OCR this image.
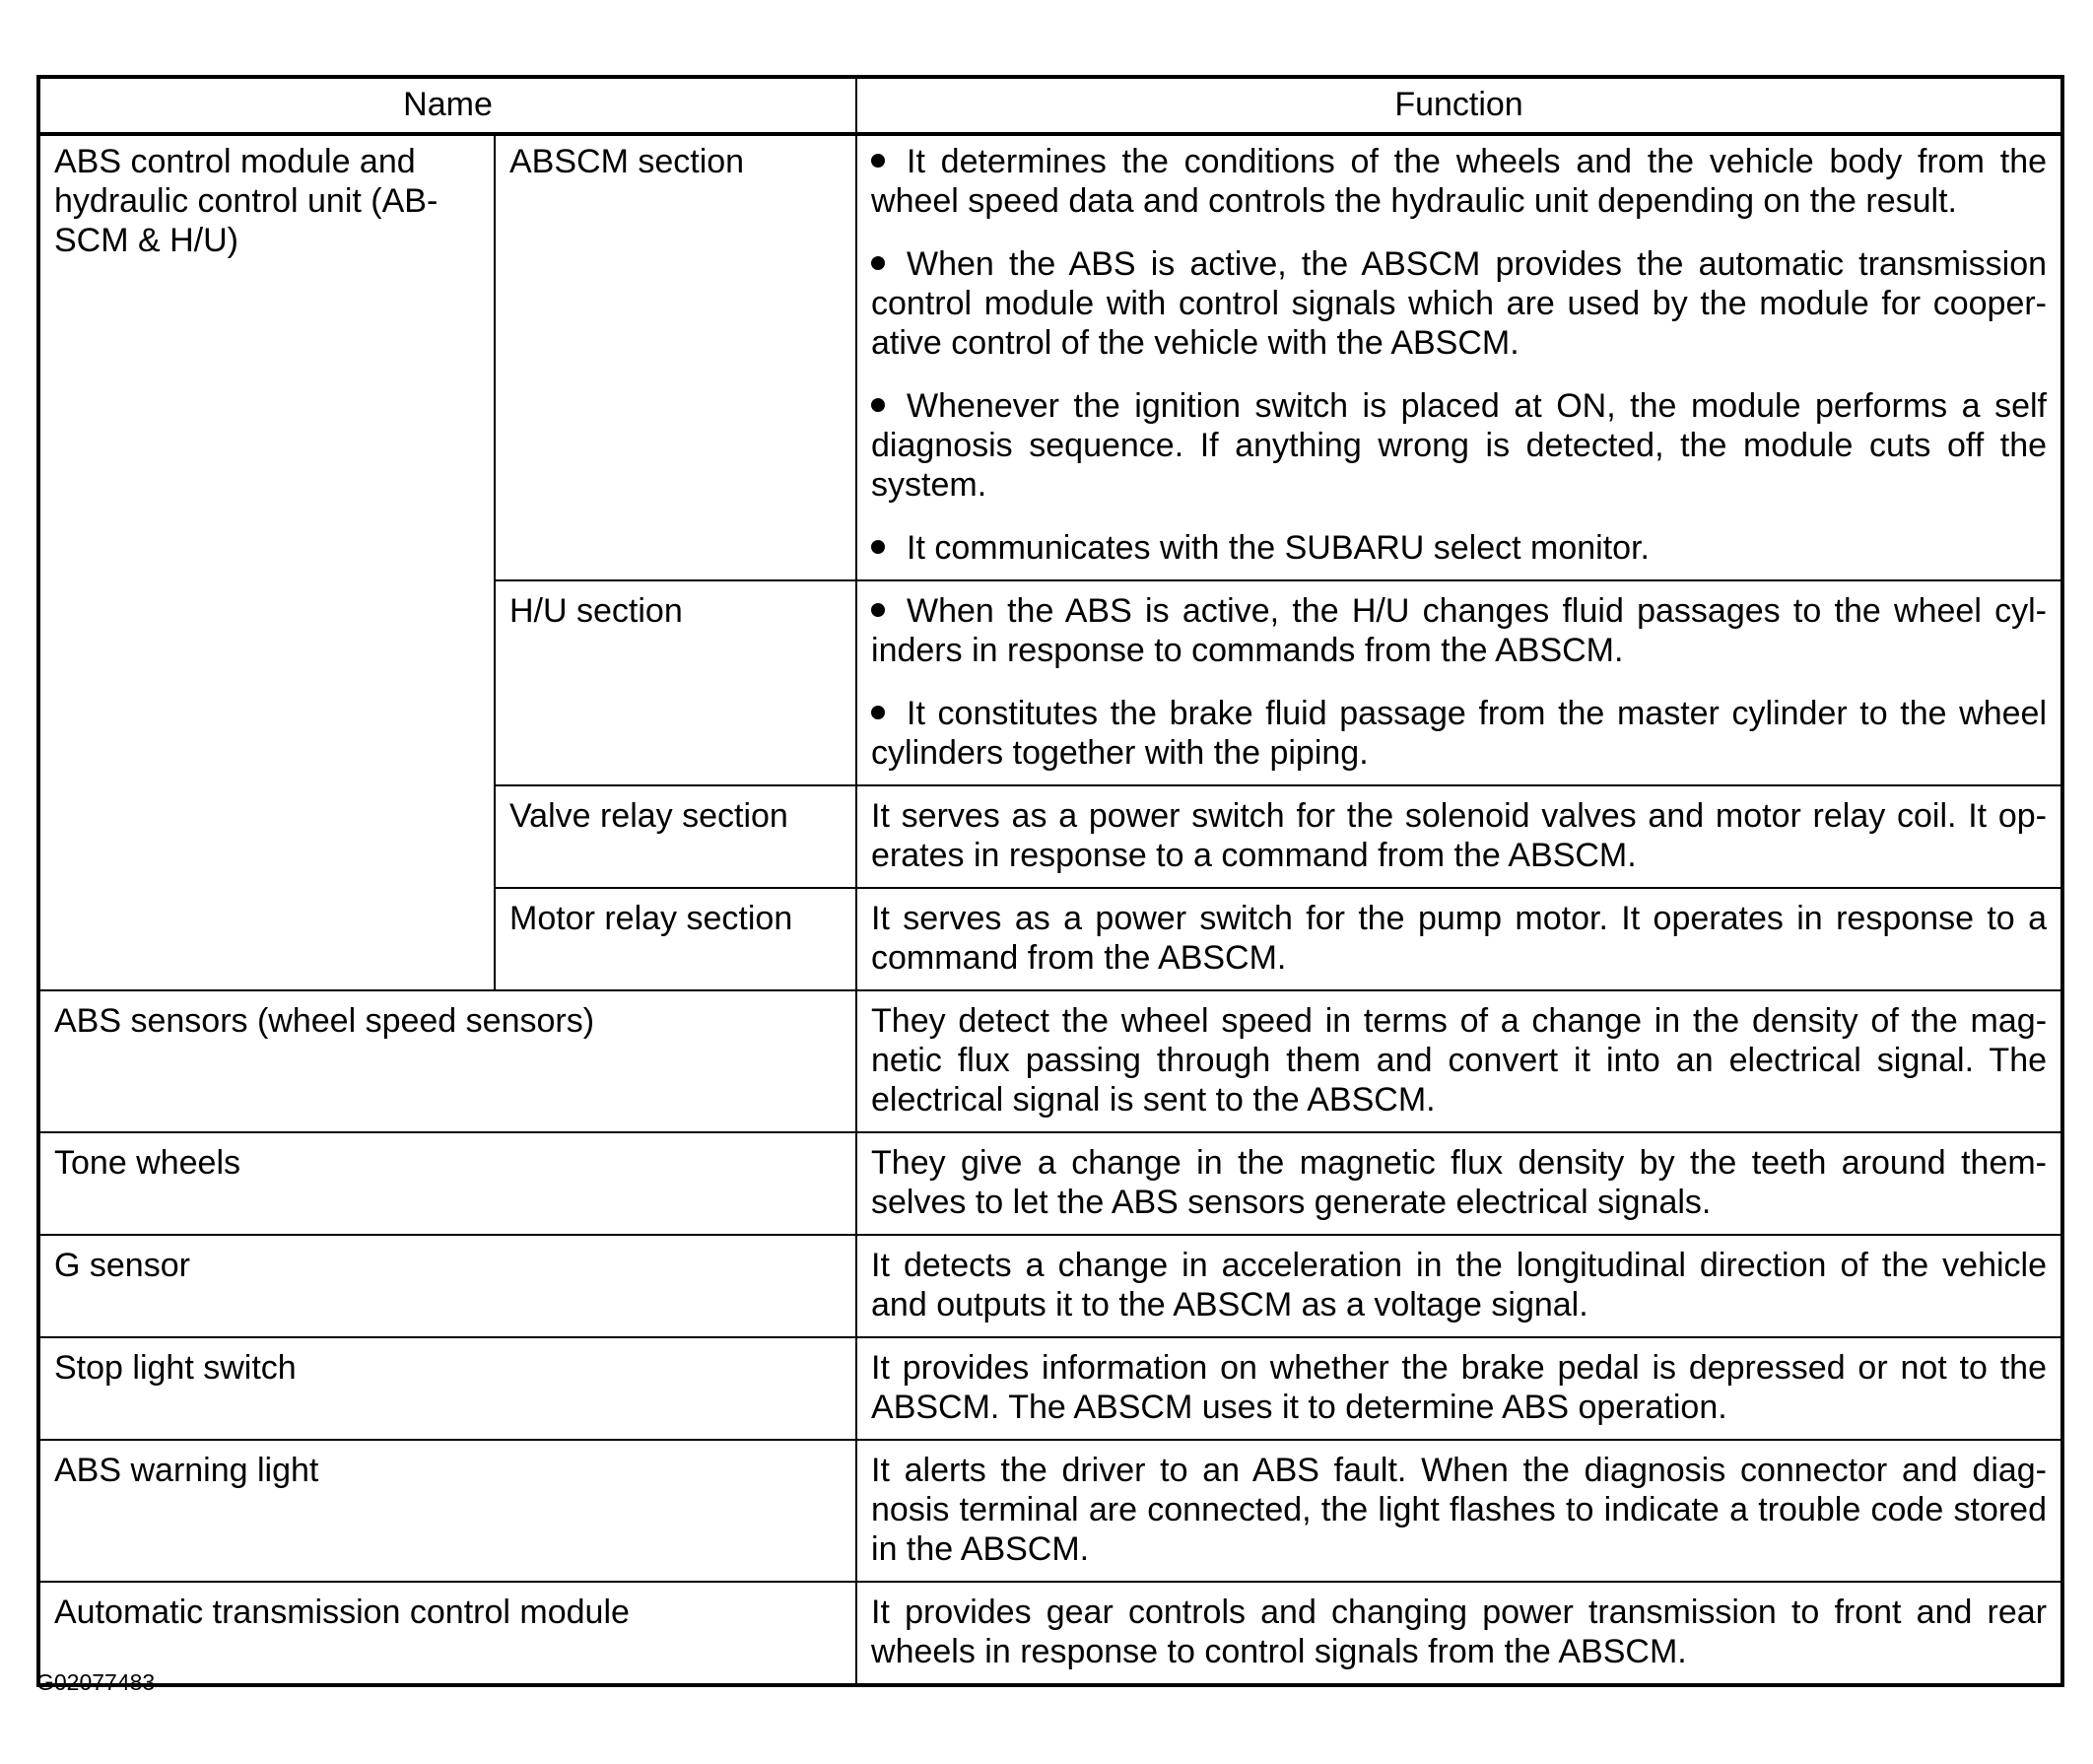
Name		Function
ABS control module and hydraulic control unit (AB-SCM & H/U)	ABSCM section	It determines the conditions of the wheels and the vehicle body from the wheel speed data and controls the hydraulic unit depending on the result.
When the ABS is active, the ABSCM provides the automatic transmission control module with control signals which are used by the module for cooper-ative control of the vehicle with the ABSCM.
Whenever the ignition switch is placed at ON, the module performs a self diagnosis sequence. If anything wrong is detected, the module cuts off the system.
It communicates with the SUBARU select monitor.

	H/U section	When the ABS is active, the H/U changes fluid passages to the wheel cyl-inders in response to commands from the ABSCM.
It constitutes the brake fluid passage from the master cylinder to the wheel cylinders together with the piping.

	Valve relay section	It serves as a power switch for the solenoid valves and motor relay coil. It op-erates in response to a command from the ABSCM.
	Motor relay section	It serves as a power switch for the pump motor. It operates in response to a command from the ABSCM.
ABS sensors (wheel speed sensors)		They detect the wheel speed in terms of a change in the density of the mag-netic flux passing through them and convert it into an electrical signal. The electrical signal is sent to the ABSCM.
Tone wheels		They give a change in the magnetic flux density by the teeth around them-selves to let the ABS sensors generate electrical signals.
G sensor		It detects a change in acceleration in the longitudinal direction of the vehicle and outputs it to the ABSCM as a voltage signal.
Stop light switch		It provides information on whether the brake pedal is depressed or not to the ABSCM. The ABSCM uses it to determine ABS operation.
ABS warning light		It alerts the driver to an ABS fault. When the diagnosis connector and diag-nosis terminal are connected, the light flashes to indicate a trouble code stored in the ABSCM.
Automatic transmission control module		It provides gear controls and changing power transmission to front and rear wheels in response to control signals from the ABSCM.
G02077483
